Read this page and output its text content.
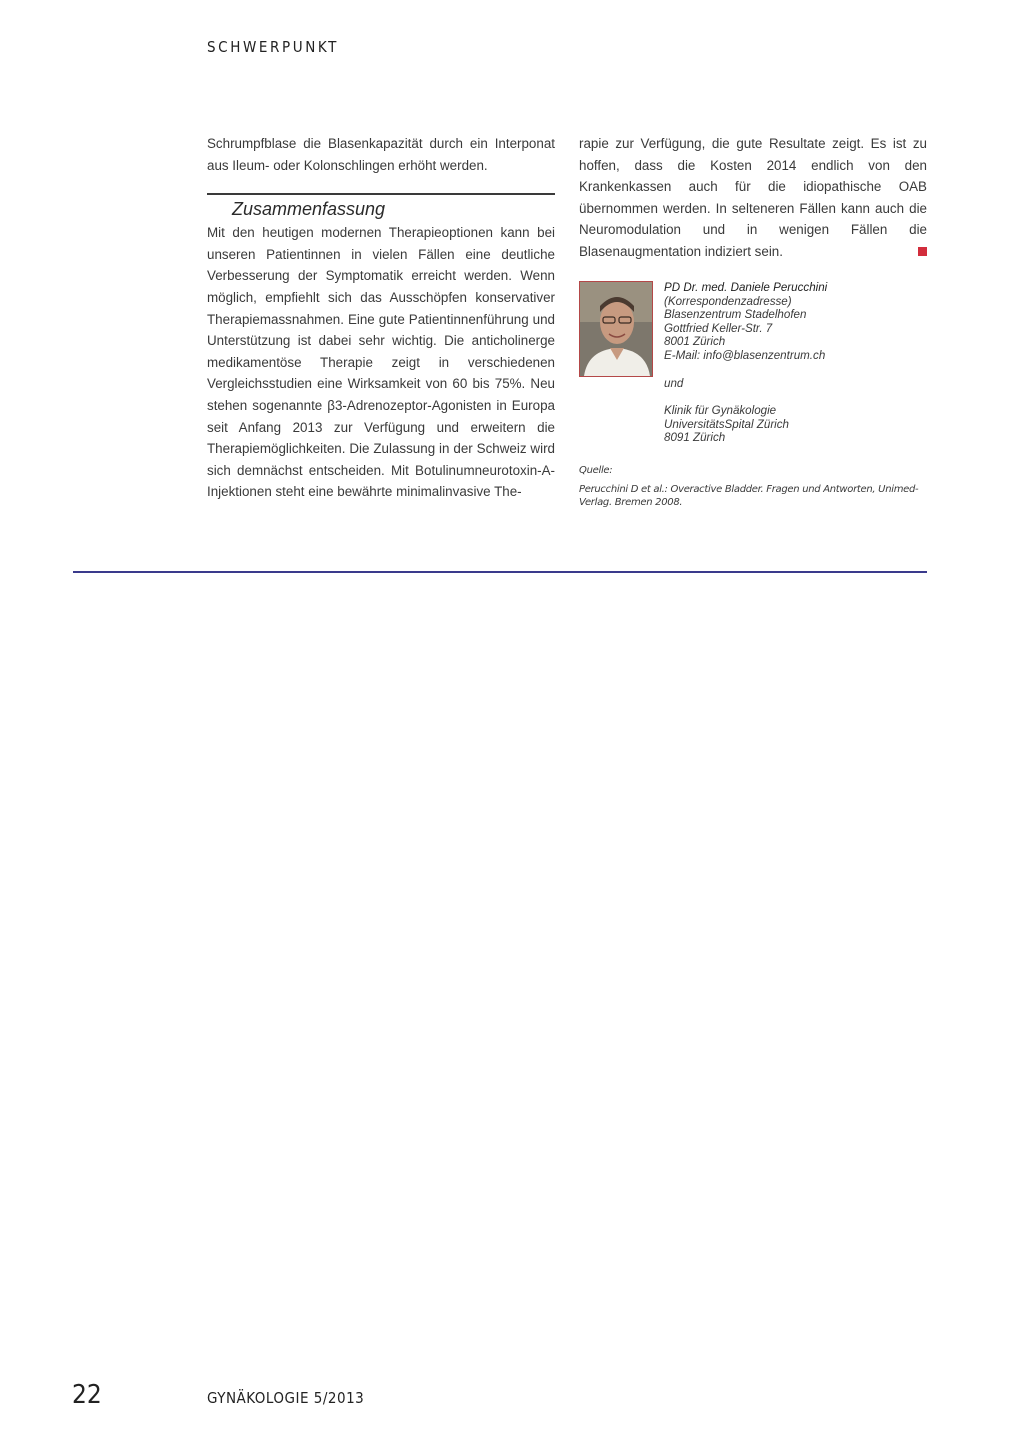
SCHWERPUNKT

Schrumpfblase die Blasenkapazität durch ein Interponat aus Ileum- oder Kolonschlingen erhöht werden.

Zusammenfassung

Mit den heutigen modernen Therapieoptionen kann bei unseren Patientinnen in vielen Fällen eine deutliche Verbesserung der Symptomatik erreicht werden. Wenn möglich, empfiehlt sich das Ausschöpfen konservativer Therapiemassnahmen. Eine gute Patientinnenführung und Unterstützung ist dabei sehr wichtig. Die anticholinerge medikamentöse Therapie zeigt in verschiedenen Vergleichsstudien eine Wirksamkeit von 60 bis 75%. Neu stehen sogenannte β3-Adrenozeptor-Agonisten in Europa seit Anfang 2013 zur Verfügung und erweitern die Therapiemöglichkeiten. Die Zulassung in der Schweiz wird sich demnächst entscheiden. Mit Botulinumneurotoxin-A-Injektionen steht eine bewährte minimalinvasive The-

rapie zur Verfügung, die gute Resultate zeigt. Es ist zu hoffen, dass die Kosten 2014 endlich von den Krankenkassen auch für die idiopathische OAB übernommen werden. In selteneren Fällen kann auch die Neuromodulation und in wenigen Fällen die Blasenaugmentation indiziert sein.

PD Dr. med. Daniele Perucchini
(Korrespondenzadresse)
Blasenzentrum Stadelhofen
Gottfried Keller-Str. 7
8001 Zürich
E-Mail: info@blasenzentrum.ch
und
Klinik für Gynäkologie
UniversitätsSpital Zürich
8091 Zürich
Quelle:
Perucchini D et al.: Overactive Bladder. Fragen und Antworten, Unimed-Verlag. Bremen 2008.
22	GYNÄKOLOGIE 5/2013
